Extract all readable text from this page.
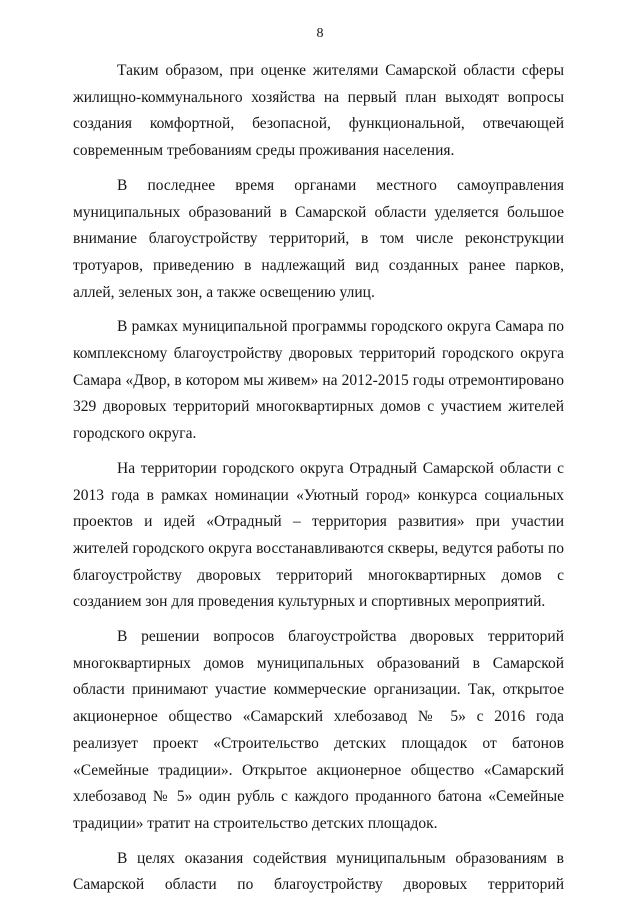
8

Таким образом, при оценке жителями Самарской области сферы жилищно-коммунального хозяйства на первый план выходят вопросы создания комфортной, безопасной, функциональной, отвечающей современным требованиям среды проживания населения.

В последнее время органами местного самоуправления муниципальных образований в Самарской области уделяется большое внимание благоустройству территорий, в том числе реконструкции тротуаров, приведению в надлежащий вид созданных ранее парков, аллей, зеленых зон, а также освещению улиц.

В рамках муниципальной программы городского округа Самара по комплексному благоустройству дворовых территорий городского округа Самара «Двор, в котором мы живем» на 2012-2015 годы отремонтировано 329 дворовых территорий многоквартирных домов с участием жителей городского округа.

На территории городского округа Отрадный Самарской области с 2013 года в рамках номинации «Уютный город» конкурса социальных проектов и идей «Отрадный – территория развития» при участии жителей городского округа восстанавливаются скверы, ведутся работы по благоустройству дворовых территорий многоквартирных домов с созданием зон для проведения культурных и спортивных мероприятий.

В решении вопросов благоустройства дворовых территорий многоквартирных домов муниципальных образований в Самарской области принимают участие коммерческие организации. Так, открытое акционерное общество «Самарский хлебозавод № 5» с 2016 года реализует проект «Строительство детских площадок от батонов «Семейные традиции». Открытое акционерное общество «Самарский хлебозавод № 5» один рубль с каждого проданного батона «Семейные традиции» тратит на строительство детских площадок.

В целях оказания содействия муниципальным образованиям в Самарской области по благоустройству дворовых территорий
